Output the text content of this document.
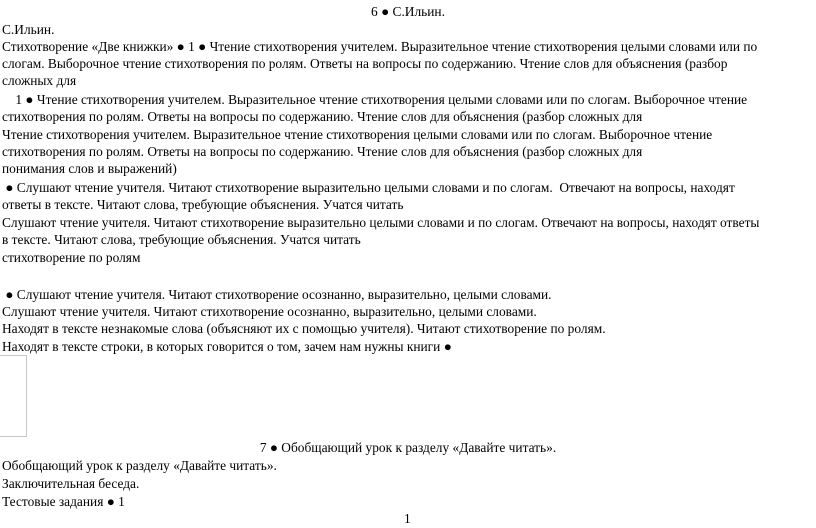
6 ● С.Ильин.
С.Ильин.
Стихотворение «Две книжки» ● 1 ● Чтение стихотворения учителем. Выразительное чтение стихотворения целыми словами или по
слогам. Выборочное чтение стихотворения по ролям. Ответы на вопросы по содержанию. Чтение слов для объяснения (разбор
сложных для
1 ● Чтение стихотворения учителем. Выразительное чтение стихотворения целыми словами или по слогам. Выборочное чтение
стихотворения по ролям. Ответы на вопросы по содержанию. Чтение слов для объяснения (разбор сложных для
Чтение стихотворения учителем. Выразительное чтение стихотворения целыми словами или по слогам. Выборочное чтение
стихотворения по ролям. Ответы на вопросы по содержанию. Чтение слов для объяснения (разбор сложных для
понимания слов и выражений)
● Слушают чтение учителя. Читают стихотворение выразительно целыми словами и по слогам.  Отвечают на вопросы, находят
ответы в тексте. Читают слова, требующие объяснения. Учатся читать
Слушают чтение учителя. Читают стихотворение выразительно целыми словами и по слогам. Отвечают на вопросы, находят ответы
в тексте. Читают слова, требующие объяснения. Учатся читать
стихотворение по ролям
● Слушают чтение учителя. Читают стихотворение осознанно, выразительно, целыми словами.
Слушают чтение учителя. Читают стихотворение осознанно, выразительно, целыми словами.
Находят в тексте незнакомые слова (объясняют их с помощью учителя). Читают стихотворение по ролям.
Находят в тексте строки, в которых говорится о том, зачем нам нужны книги ●
7 ● Обобщающий урок к разделу «Давайте читать».
Обобщающий урок к разделу «Давайте читать».
Заключительная беседа.
Тестовые задания ● 1
1
